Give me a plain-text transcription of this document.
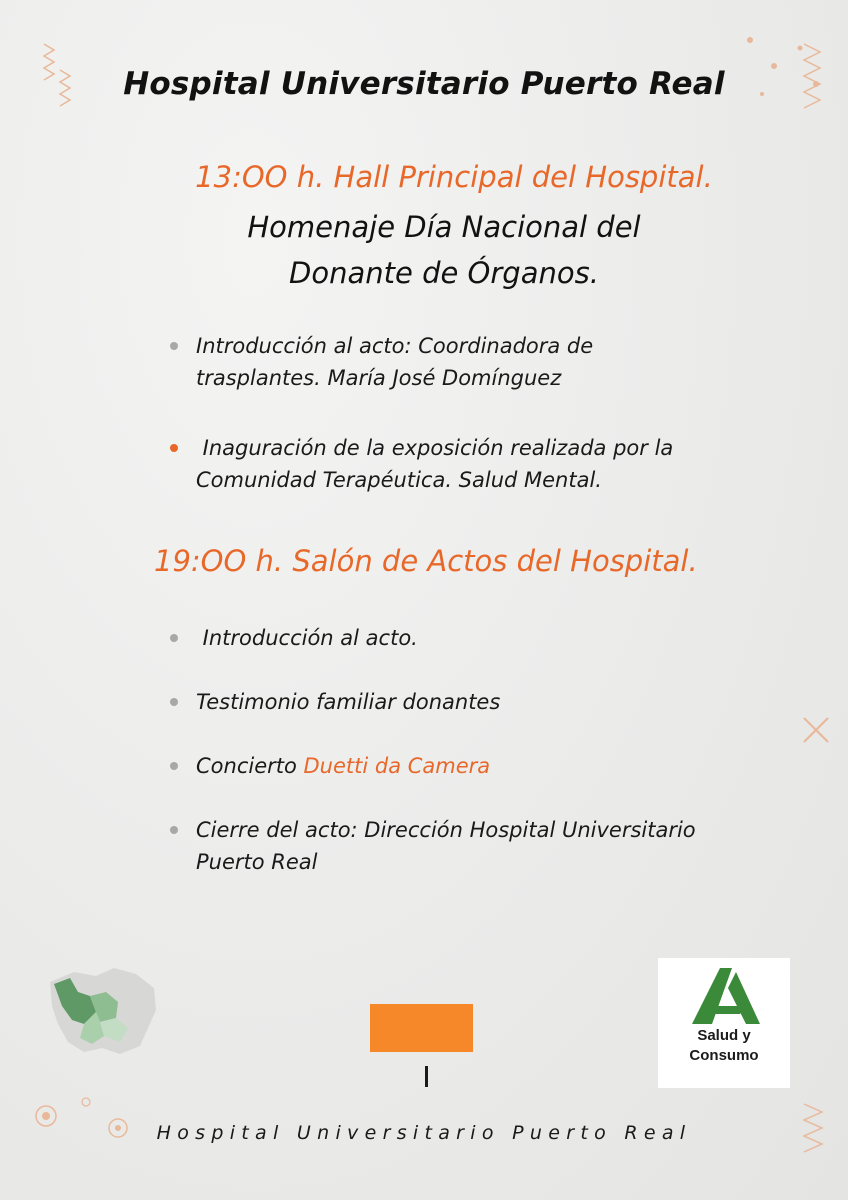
Hospital Universitario Puerto Real
13:OO h. Hall Principal del Hospital.
Homenaje Día Nacional del
Donante de Órganos.
Introducción al acto: Coordinadora de
trasplantes. María José Domínguez
Inaguración de la exposición realizada por la
Comunidad Terapéutica. Salud Mental.
19:OO h. Salón de Actos del Hospital.
Introducción al acto.
Testimonio familiar donantes
Concierto Duetti da Camera
Cierre del acto: Dirección Hospital Universitario
Puerto Real
Salud y
Consumo
Hospital Universitario Puerto Real
